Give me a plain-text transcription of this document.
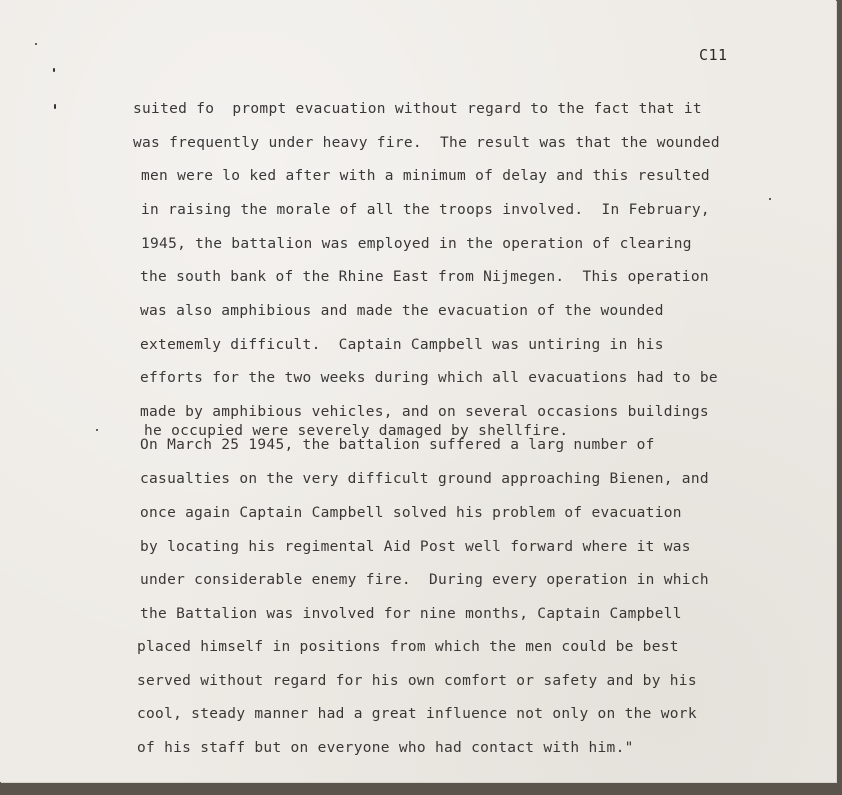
C11
suited fo  prompt evacuation without regard to the fact that it
was frequently under heavy fire.  The result was that the wounded
men were lo ked after with a minimum of delay and this resulted
in raising the morale of all the troops involved.  In February,
1945, the battalion was employed in the operation of clearing
the south bank of the Rhine East from Nijmegen.  This operation
was also amphibious and made the evacuation of the wounded
extememly difficult.  Captain Campbell was untiring in his
efforts for the two weeks during which all evacuations had to be
made by amphibious vehicles, and on several occasions buildings
he occupied were severely damaged by shellfire.
On March 25 1945, the battalion suffered a larg number of
casualties on the very difficult ground approaching Bienen, and
once again Captain Campbell solved his problem of evacuation
by locating his regimental Aid Post well forward where it was
under considerable enemy fire.  During every operation in which
the Battalion was involved for nine months, Captain Campbell
placed himself in positions from which the men could be best
served without regard for his own comfort or safety and by his
cool, steady manner had a great influence not only on the work
of his staff but on everyone who had contact with him."
